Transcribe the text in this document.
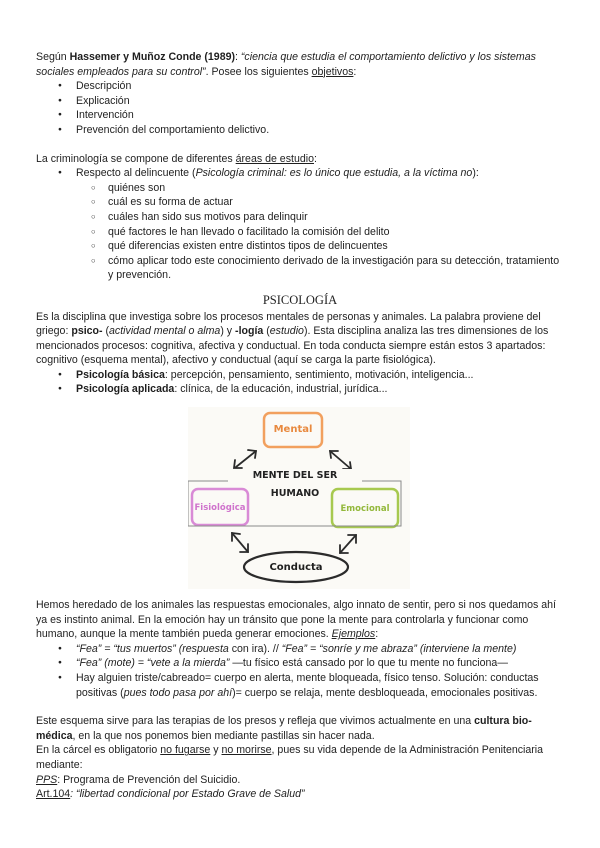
Según Hassemer y Muñoz Conde (1989): “ciencia que estudia el comportamiento delictivo y los sistemas sociales empleados para su control”. Posee los siguientes objetivos:

● Descripción
● Explicación
● Intervención
● Prevención del comportamiento delictivo.

La criminología se compone de diferentes áreas de estudio:

● Respecto al delincuente (Psicología criminal: es lo único que estudia, a la víctima no):
○ quiénes son
○ cuál es su forma de actuar
○ cuáles han sido sus motivos para delinquir
○ qué factores le han llevado o facilitado la comisión del delito
○ qué diferencias existen entre distintos tipos de delincuentes
○ cómo aplicar todo este conocimiento derivado de la investigación para su detección, tratamiento y prevención.
PSICOLOGÍA

Es la disciplina que investiga sobre los procesos mentales de personas y animales. La palabra proviene del griego: psico- (actividad mental o alma) y -logía (estudio). Esta disciplina analiza las tres dimensiones de los mencionados procesos: cognitiva, afectiva y conductual. En toda conducta siempre están estos 3 apartados: cognitivo (esquema mental), afectivo y conductual (aquí se carga la parte fisiológica).

● Psicología básica: percepción, pensamiento, sentimiento, motivación, inteligencia...
● Psicología aplicada: clínica, de la educación, industrial, jurídica...
Mental
MENTE DEL SER
HUMANO
Fisiológica	Emocional
Conducta

Hemos heredado de los animales las respuestas emocionales, algo innato de sentir, pero si nos quedamos ahí ya es instinto animal. En la emoción hay un tránsito que pone la mente para controlarla y funcionar como humano, aunque la mente también pueda generar emociones. Ejemplos:

● “Fea” = “tus muertos” (respuesta con ira). // “Fea” = “sonríe y me abraza” (interviene la mente)
● “Fea” (mote) = “vete a la mierda” —tu físico está cansado por lo que tu mente no funciona—
● Hay alguien triste/cabreado= cuerpo en alerta, mente bloqueada, físico tenso. Solución: conductas positivas (pues todo pasa por ahí)= cuerpo se relaja, mente desbloqueada, emocionales positivas.

Este esquema sirve para las terapias de los presos y refleja que vivimos actualmente en una cultura bio-médica, en la que nos ponemos bien mediante pastillas sin hacer nada.

En la cárcel es obligatorio no fugarse y no morirse, pues su vida depende de la Administración Penitenciaria mediante:

PPS: Programa de Prevención del Suicidio.

Art.104: “libertad condicional por Estado Grave de Salud”
